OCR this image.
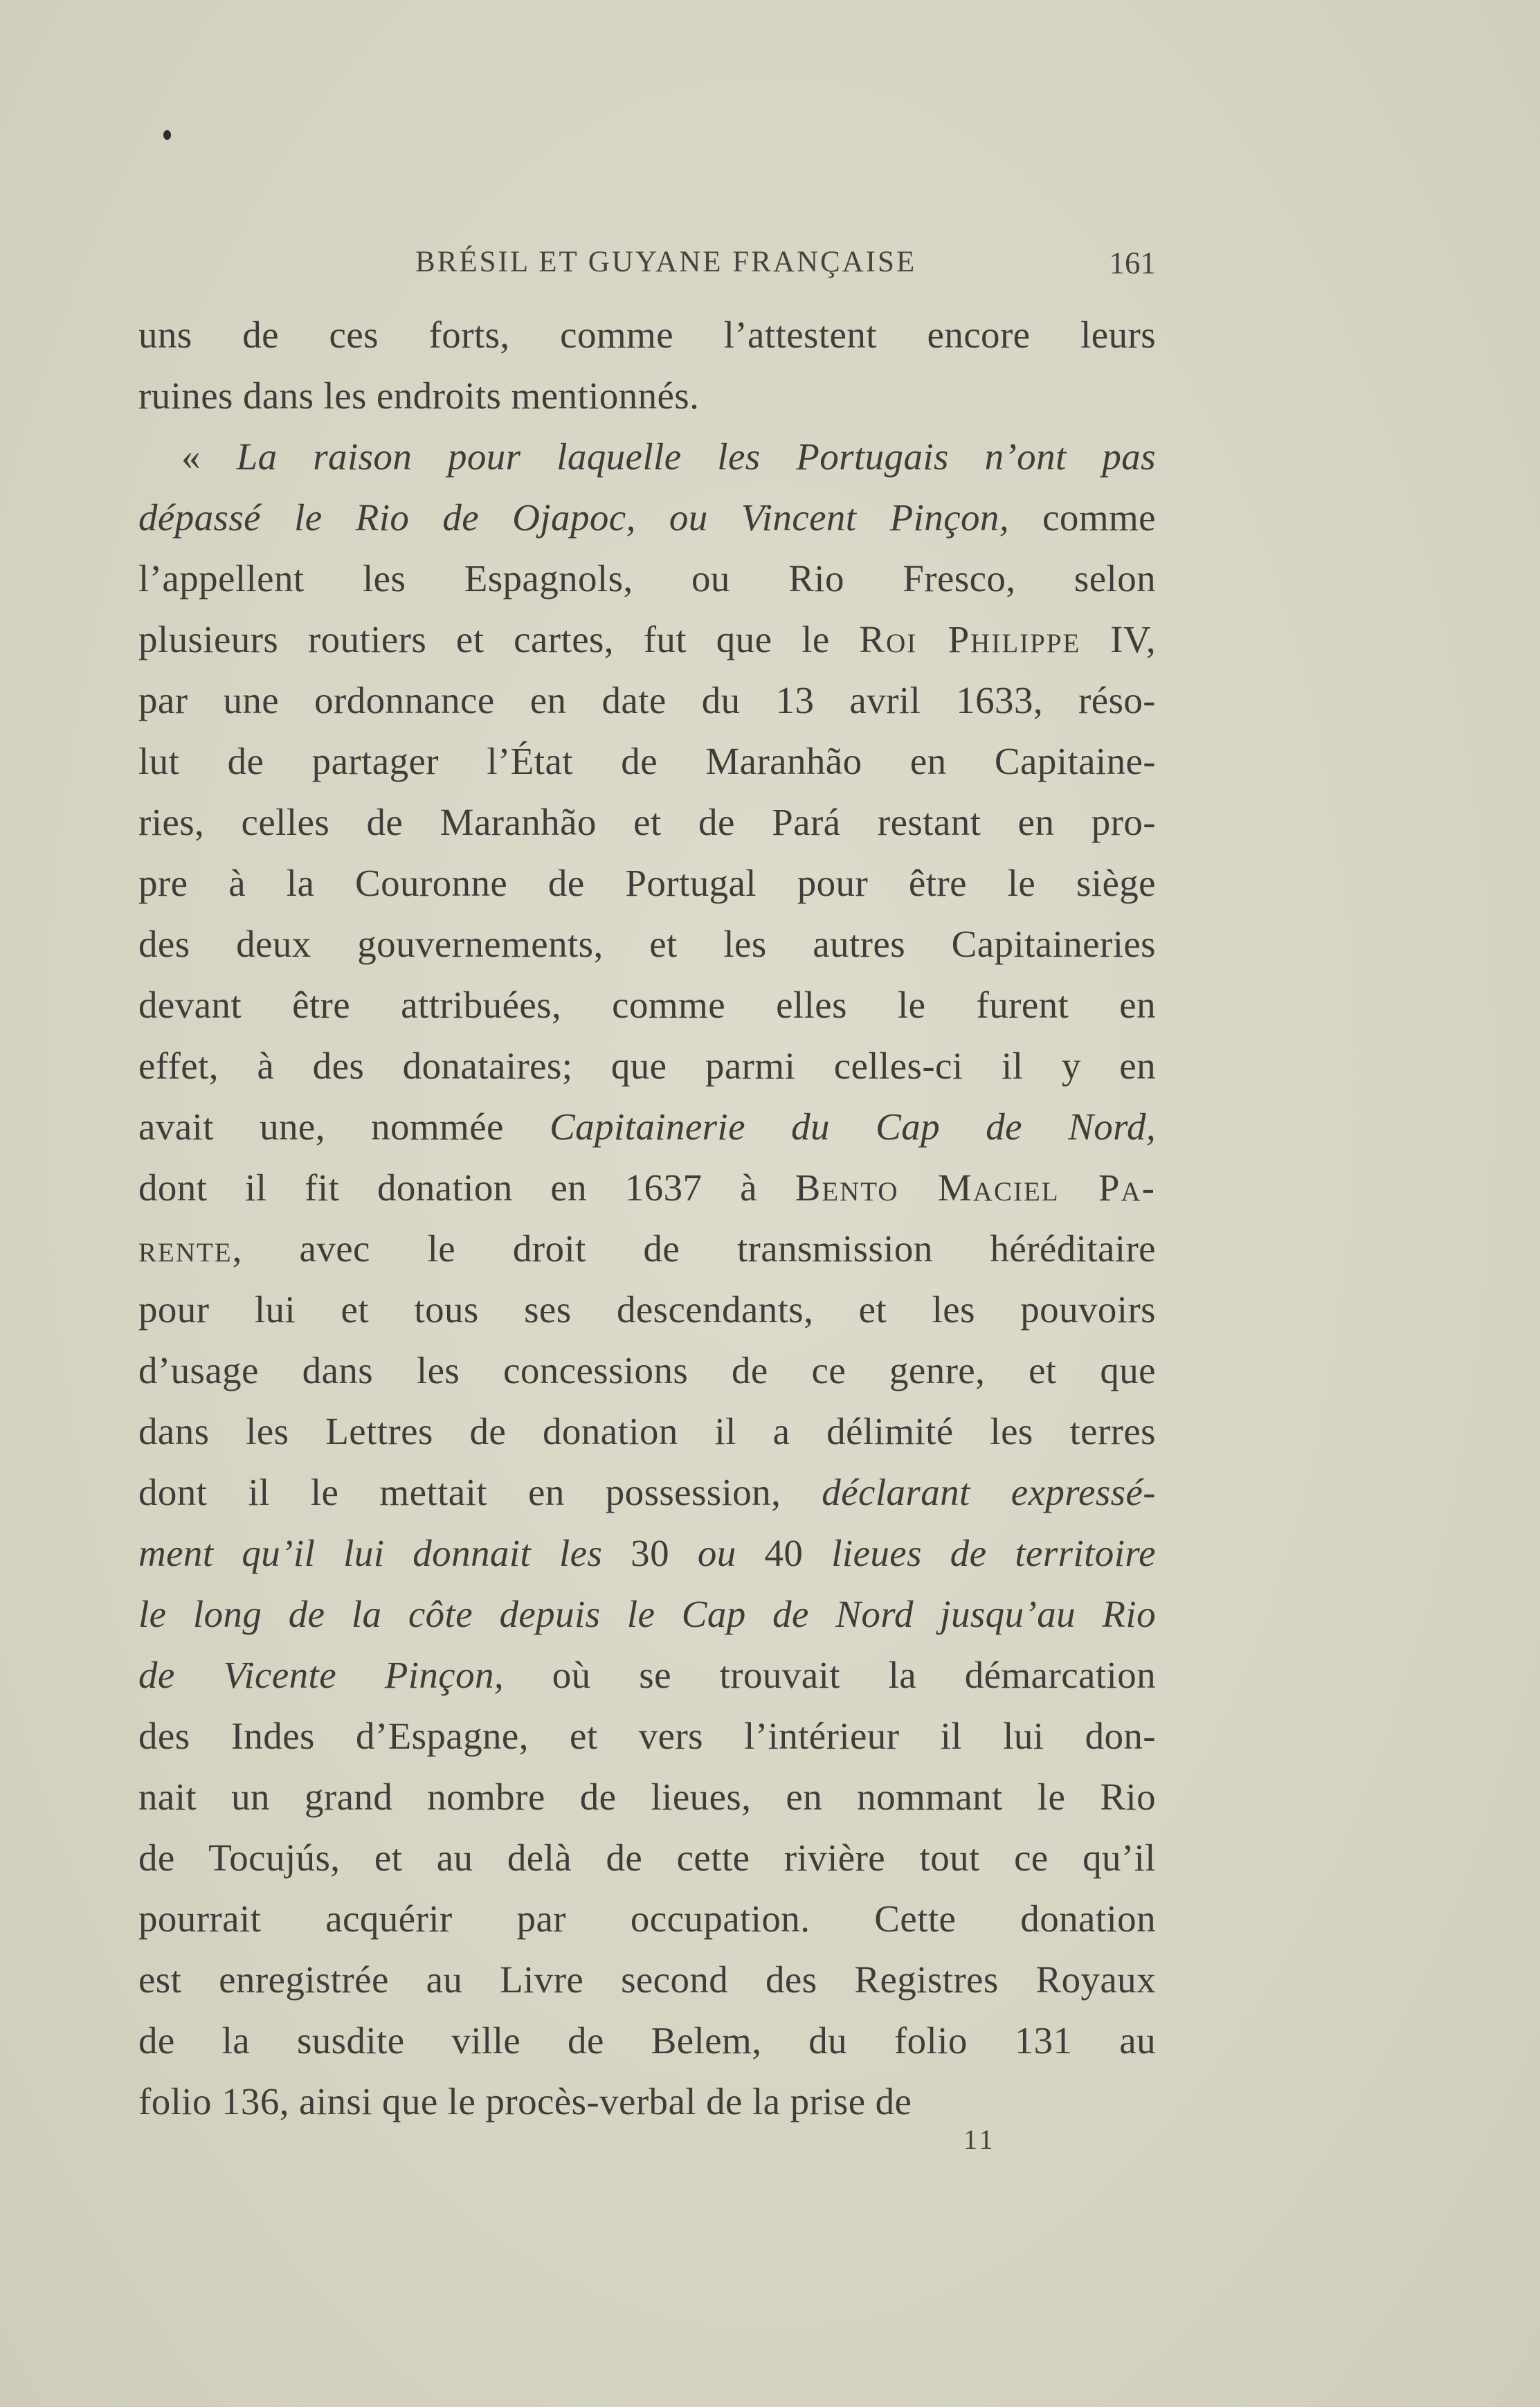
BRÉSIL ET GUYANE FRANÇAISE	161
uns de ces forts, comme l’attestent encore leurs
ruines dans les endroits mentionnés.
« La raison pour laquelle les Portugais n’ont pas
dépassé le Rio de Ojapoc, ou Vincent Pinçon, comme
l’appellent les Espagnols, ou Rio Fresco, selon
plusieurs routiers et cartes, fut que le Roi Philippe IV,
par une ordonnance en date du 13 avril 1633, réso-
lut de partager l’État de Maranhão en Capitaine-
ries, celles de Maranhão et de Pará restant en pro-
pre à la Couronne de Portugal pour être le siège
des deux gouvernements, et les autres Capitaineries
devant être attribuées, comme elles le furent en
effet, à des donataires; que parmi celles-ci il y en
avait une, nommée Capitainerie du Cap de Nord,
dont il fit donation en 1637 à Bento Maciel Pa-
rente, avec le droit de transmission héréditaire
pour lui et tous ses descendants, et les pouvoirs
d’usage dans les concessions de ce genre, et que
dans les Lettres de donation il a délimité les terres
dont il le mettait en possession, déclarant expressé-
ment qu’il lui donnait les 30 ou 40 lieues de territoire
le long de la côte depuis le Cap de Nord jusqu’au Rio
de Vicente Pinçon, où se trouvait la démarcation
des Indes d’Espagne, et vers l’intérieur il lui don-
nait un grand nombre de lieues, en nommant le Rio
de Tocujús, et au delà de cette rivière tout ce qu’il
pourrait acquérir par occupation. Cette donation
est enregistrée au Livre second des Registres Royaux
de la susdite ville de Belem, du folio 131 au
folio 136, ainsi que le procès-verbal de la prise de
11
